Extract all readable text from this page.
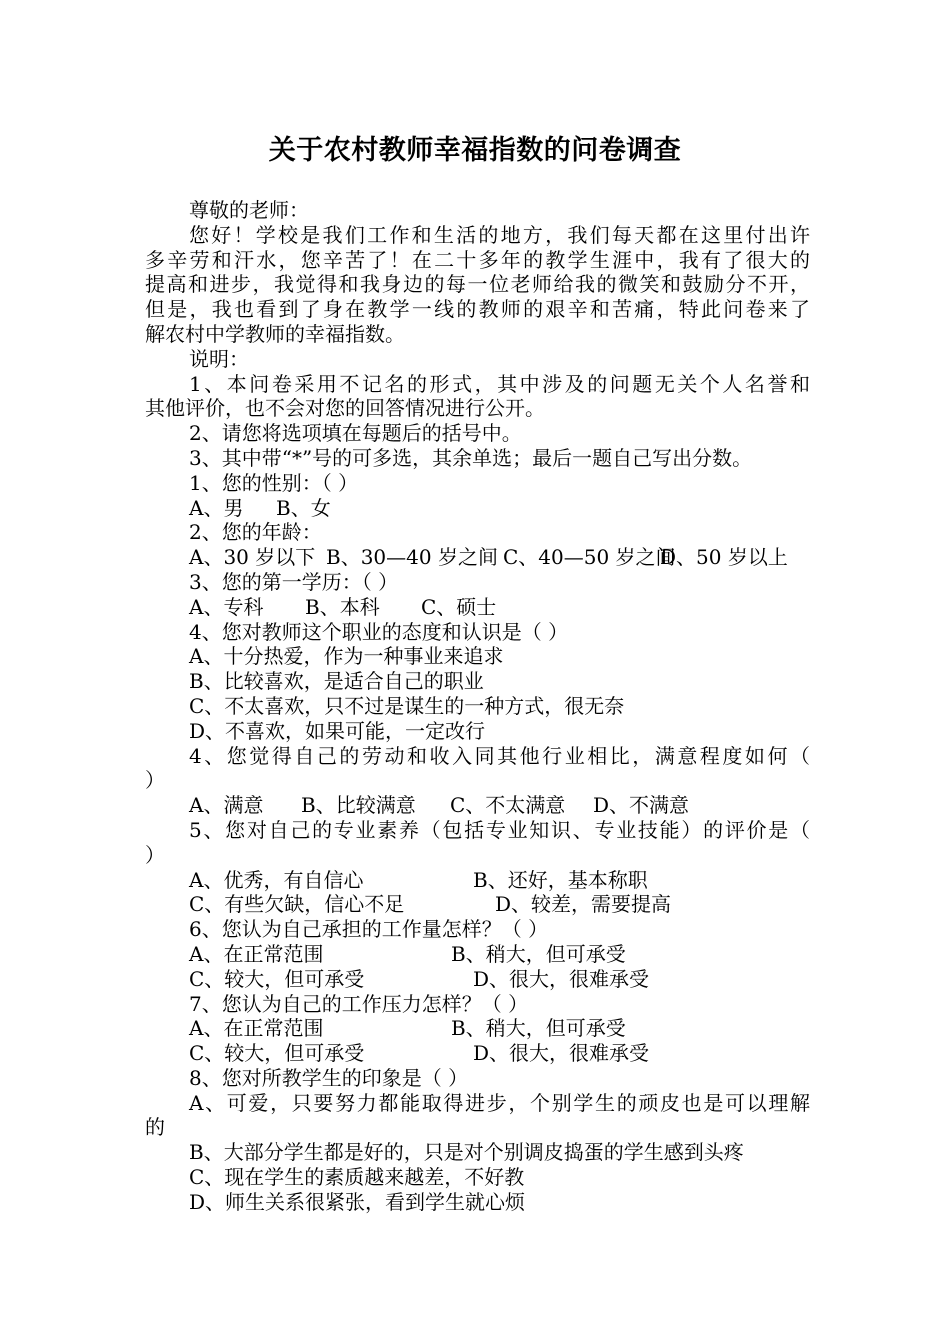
关于农村教师幸福指数的问卷调查
尊敬的老师：
您好！学校是我们工作和生活的地方，我们每天都在这里付出许
多辛劳和汗水，您辛苦了！在二十多年的教学生涯中，我有了很大的
提高和进步，我觉得和我身边的每一位老师给我的微笑和鼓励分不开，
但是，我也看到了身在教学一线的教师的艰辛和苦痛，特此问卷来了
解农村中学教师的幸福指数。
说明：
1、本问卷采用不记名的形式，其中涉及的问题无关个人名誉和
其他评价，也不会对您的回答情况进行公开。
2、请您将选项填在每题后的括号中。
3、其中带“*”号的可多选，其余单选；最后一题自己写出分数。
1、您的性别：（ ）
A、男 B、女
2、您的年龄：
A、30 岁以下 B、30—40 岁之间 C、40—50 岁之间D、50 岁以上
3、您的第一学历：（ ）
A、专科 B、本科 C、硕士
4、您对教师这个职业的态度和认识是（ ）
A、十分热爱，作为一种事业来追求
B、比较喜欢，是适合自己的职业
C、不太喜欢，只不过是谋生的一种方式，很无奈
D、不喜欢，如果可能，一定改行
4、您觉得自己的劳动和收入同其他行业相比，满意程度如何（
）
A、满意 B、比较满意 C、不太满意 D、不满意
5、您对自己的专业素养（包括专业知识、专业技能）的评价是（
）
A、优秀，有自信心	B、还好，基本称职
C、有些欠缺，信心不足	D、较差，需要提高
6、您认为自己承担的工作量怎样？（ ）
A、在正常范围	B、稍大，但可承受
C、较大，但可承受	D、很大，很难承受
7、您认为自己的工作压力怎样？（ ）
A、在正常范围	B、稍大，但可承受
C、较大，但可承受	D、很大，很难承受
8、您对所教学生的印象是（ ）
A、可爱，只要努力都能取得进步，个别学生的顽皮也是可以理解
的
B、大部分学生都是好的，只是对个别调皮捣蛋的学生感到头疼
C、现在学生的素质越来越差，不好教
D、师生关系很紧张，看到学生就心烦
